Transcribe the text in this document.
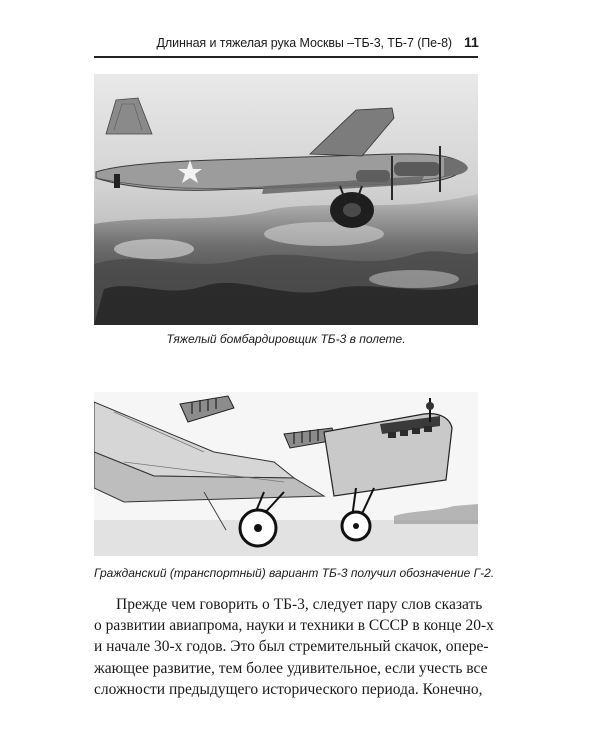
Длинная и тяжелая рука Москвы –ТБ-3, ТБ-7 (Пе-8) 11
Тяжелый бомбардировщик ТБ-3 в полете.
Гражданский (транспортный) вариант ТБ-3 получил обозначение Г-2.
Прежде чем говорить о ТБ-3, следует пару слов сказать
о развитии авиапрома, науки и техники в СССР в конце 20-х
и начале 30-х годов. Это был стремительный скачок, опере-
жающее развитие, тем более удивительное, если учесть все
сложности предыдущего исторического периода. Конечно,
